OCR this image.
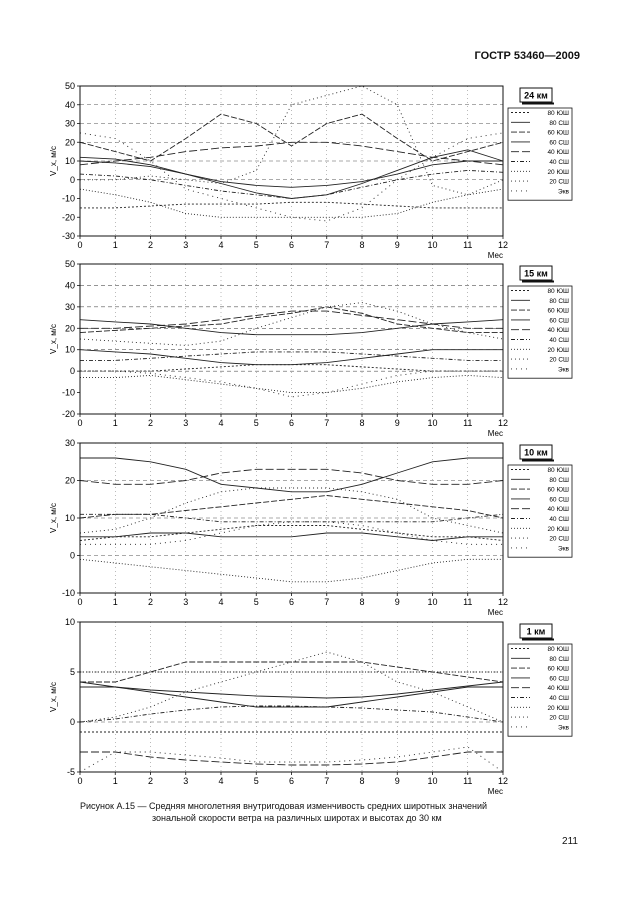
ГОСТР 53460—2009
-30
-20
-10
0
10
20
30
40
50
0	1	2	3	4	5	6	7	8	9	10	11	12
Мес
V_x, м/с
24 км
80 ЮШ
80 СШ
60 ЮШ
60 СШ
40 ЮШ
40 СШ
20 ЮШ
20 СШ
Экв
-20
-10
0
10
20
30
40
50
0	1	2	3	4	5	6	7	8	9	10	11	12
Мес
V_x, м/с
15 км
80 ЮШ
80 СШ
60 ЮШ
60 СШ
40 ЮШ
40 СШ
20 ЮШ
20 СШ
Экв
-10
0
10
20
30
0	1	2	3	4	5	6	7	8	9	10	11	12
Мес
V_x, м/с
10 км
80 ЮШ
80 СШ
60 ЮШ
60 СШ
40 ЮШ
40 СШ
20 ЮШ
20 СШ
Экв
-5
0
5
10
0	1	2	3	4	5	6	7	8	9	10	11	12
Мес
V_x, м/с
1 км
80 ЮШ
80 СШ
60 ЮШ
60 СШ
40 ЮШ
40 СШ
20 ЮШ
20 СШ
Экв
Рисунок А.15 — Средняя многолетняя внутригодовая изменчивость средних широтных значений
зональной скорости ветра на различных широтах и высотах до 30 км
211
